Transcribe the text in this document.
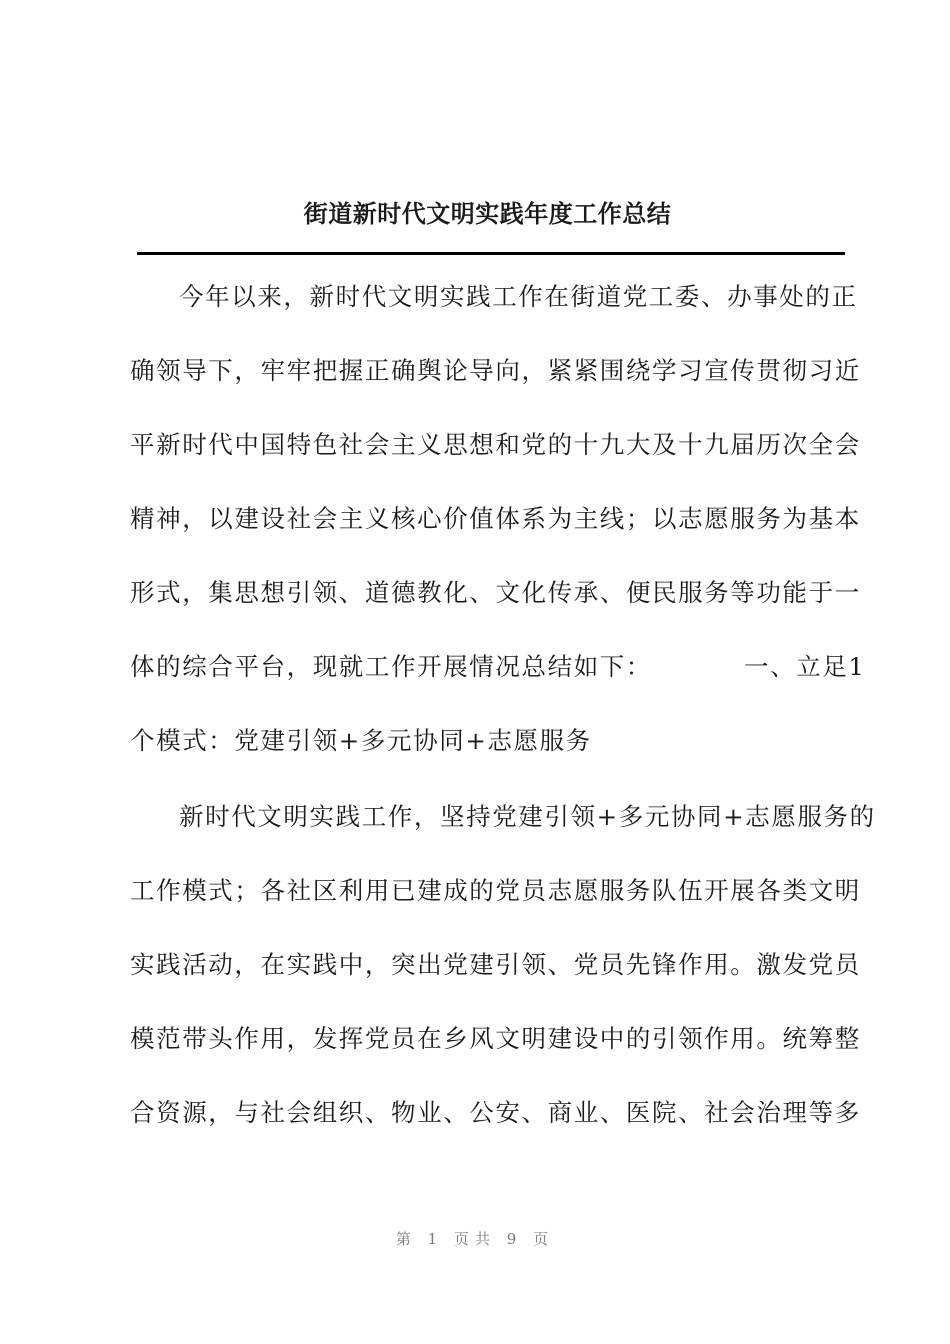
街道新时代文明实践年度工作总结
今年以来，新时代文明实践工作在街道党工委、办事处的正
确领导下，牢牢把握正确舆论导向，紧紧围绕学习宣传贯彻习近
平新时代中国特色社会主义思想和党的十九大及十九届历次全会
精神，以建设社会主义核心价值体系为主线；以志愿服务为基本
形式，集思想引领、道德教化、文化传承、便民服务等功能于一
体的综合平台，现就工作开展情况总结如下：	一、立足1
个模式：党建引领+多元协同+志愿服务
新时代文明实践工作，坚持党建引领+多元协同+志愿服务的
工作模式；各社区利用已建成的党员志愿服务队伍开展各类文明
实践活动，在实践中，突出党建引领、党员先锋作用。激发党员
模范带头作用，发挥党员在乡风文明建设中的引领作用。统筹整
合资源，与社会组织、物业、公安、商业、医院、社会治理等多
第 1 页共 9 页
